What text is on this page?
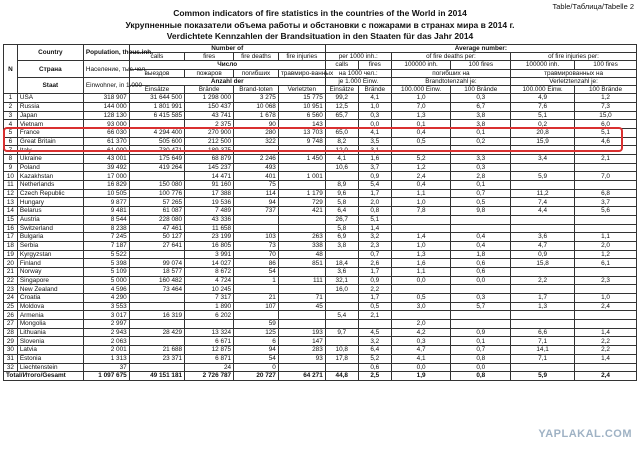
Table/Таблица/Tabelle 2
Common indicators of fire statistics in the countries of the World in 2014
Укрупненные показатели объема работы и обстановки с пожарами в странах мира в 2014 г.
Verdichtete Kennzahlen der Brandsituation in den Staaten für das Jahr 2014
N	Country	Population, thous.inh.	Number of				Average number:					
			calls	fires	fire deaths	fire injuries	per 1000 inh.:		of fire deaths per:		of fire injuries per:	
	Страна	Население, тыс.чел.	Число				calls	fires	100000 inh.	100 fires	100000 inh.	100 fires
			выездов	пожаров	погибших	травмиро-ванных	на 1000 чел.:		погибших на		травмированных на	
	Staat	Einwohner, in 1.000	Anzahl der				je 1.000 Einw.		Brandtotenzahl je:		Verletztenzahl je:	
			Einsätze	Brände	Brand-toten	Verletzten	Einsätze	Brände	100.000 Einw.	100 Brände	100.000 Einw.	100 Brände
1	USA	318 907	31 644 500	1 298 000	3 275	15 775	99,2	4,1	1,0	0,3	4,9	1,2
2	Russia	144 000	1 801 991	150 437	10 068	10 951	12,5	1,0	7,0	6,7	7,6	7,3
3	Japan	128 130	6 415 585	43 741	1 678	6 560	65,7	0,3	1,3	3,8	5,1	15,0
4	Vietnam	93 000		2 375	90	143		0,0	0,1	3,8	0,2	6,0
5	France	66 030	4 294 400	270 900	280	13 703	65,0	4,1	0,4	0,1	20,8	5,1
6	Great Britain	61 370	505 600	212 500	322	9 748	8,2	3,5	0,5	0,2	15,9	4,6
7	Italy	61 000	730 471	189 375			12,0	3,1				
8	Ukraine	43 001	175 649	68 879	2 246	1 450	4,1	1,6	5,2	3,3	3,4	2,1
9	Poland	39 492	419 264	145 237	493		10,6	3,7	1,2	0,3		
10	Kazakhstan	17 000		14 471	401	1 001		0,9	2,4	2,8	5,9	7,0
11	Netherlands	16 829	150 080	91 160	75		8,9	5,4	0,4	0,1		
12	Czech Republic	10 505	100 776	17 388	114	1 179	9,6	1,7	1,1	0,7	11,2	6,8
13	Hungary	9 877	57 265	19 536	94	729	5,8	2,0	1,0	0,5	7,4	3,7
14	Belarus	9 481	61 087	7 489	737	421	6,4	0,8	7,8	9,8	4,4	5,6
15	Austria	8 544	228 080	43 336			26,7	5,1				
16	Switzerland	8 238	47 461	11 658			5,8	1,4				
17	Bulgaria	7 245	50 127	23 199	103	263	6,9	3,2	1,4	0,4	3,6	1,1
18	Serbia	7 187	27 641	16 805	73	338	3,8	2,3	1,0	0,4	4,7	2,0
19	Kyrgyzstan	5 522		3 991	70	48		0,7	1,3	1,8	0,9	1,2
20	Finland	5 398	99 074	14 027	86	851	18,4	2,6	1,6	0,6	15,8	6,1
21	Norway	5 109	18 577	8 672	54		3,6	1,7	1,1	0,6		
22	Singapore	5 000	160 482	4 724	1	111	32,1	0,9	0,0	0,0	2,2	2,3
23	New Zealand	4 596	73 464	10 245			16,0	2,2				
24	Croatia	4 290		7 317	21	71		1,7	0,5	0,3	1,7	1,0
25	Moldova	3 553		1 890	107	45		0,5	3,0	5,7	1,3	2,4
26	Armenia	3 017	16 319	6 202			5,4	2,1				
27	Mongolia	2 997			59				2,0			
28	Lithuania	2 943	28 429	13 324	125	193	9,7	4,5	4,2	0,9	6,6	1,4
29	Slovenia	2 063		6 671	6	147		3,2	0,3	0,1	7,1	2,2
30	Latvia	2 001	21 688	12 875	94	283	10,8	6,4	4,7	0,7	14,1	2,2
31	Estonia	1 313	23 371	6 871	54	93	17,8	5,2	4,1	0,8	7,1	1,4
32	Liechtenstein	37		24	0			0,6	0,0	0,0		
Total/Итого/Gesamt		1 097 675	49 151 181	2 726 787	20 727	64 271	44,8	2,5	1,9	0,8	5,9	2,4
YAPLAKAL.COM
